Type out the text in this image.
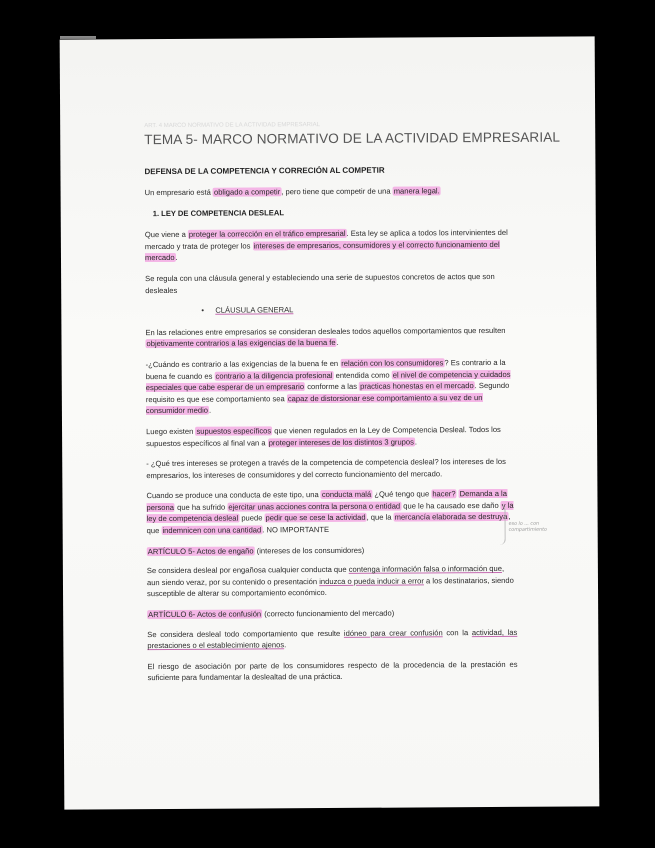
ART. 4 MARCO NORMATIVO DE LA ACTIVIDAD EMPRESARIAL
TEMA 5- MARCO NORMATIVO DE LA ACTIVIDAD EMPRESARIAL
DEFENSA DE LA COMPETENCIA Y CORRECIÓN AL COMPETIR

Un empresario está obligado a competir, pero tiene que competir de una manera legal.

1. LEY DE COMPETENCIA DESLEAL

Que viene a proteger la corrección en el tráfico empresarial. Esta ley se aplica a todos los intervinientes del mercado y trata de proteger los intereses de empresarios, consumidores y el correcto funcionamiento del mercado.

Se regula con una cláusula general y estableciendo una serie de supuestos concretos de actos que son desleales

• CLÁUSULA GENERAL

En las relaciones entre empresarios se consideran desleales todos aquellos comportamientos que resulten objetivamente contrarios a las exigencias de la buena fe.

-¿Cuándo es contrario a las exigencias de la buena fe en relación con los consumidores? Es contrario a la buena fe cuando es contrario a la diligencia profesional entendida como el nivel de competencia y cuidados especiales que cabe esperar de un empresario conforme a las practicas honestas en el mercado. Segundo requisito es que ese comportamiento sea capaz de distorsionar ese comportamiento a su vez de un consumidor medio.

Luego existen supuestos específicos que vienen regulados en la Ley de Competencia Desleal. Todos los supuestos específicos al final van a proteger intereses de los distintos 3 grupos.

- ¿Qué tres intereses se protegen a través de la competencia de competencia desleal? los intereses de los empresarios, los intereses de consumidores y del correcto funcionamiento del mercado.

Cuando se produce una conducta de este tipo, una conducta malá ¿Qué tengo que hacer? Demanda a la persona que ha sufrido ejercitar unas acciones contra la persona o entidad que le ha causado ese daño y la ley de competencia desleal puede pedir que se cese la actividad, que la mercancía elaborada se destruya, que indemnicen con una cantidad. NO IMPORTANTE

ARTÍCULO 5- Actos de engaño (intereses de los consumidores)

Se considera desleal por engañosa cualquier conducta que contenga información falsa o información que, aun siendo veraz, por su contenido o presentación induzca o pueda inducir a error a los destinatarios, siendo susceptible de alterar su comportamiento económico.

ARTÍCULO 6- Actos de confusión (correcto funcionamiento del mercado)

Se considera desleal todo comportamiento que resulte idóneo para crear confusión con la actividad, las prestaciones o el establecimiento ajenos.

El riesgo de asociación por parte de los consumidores respecto de la procedencia de la prestación es suficiente para fundamentar la deslealtad de una práctica.

eso lo ... con compartimiento
